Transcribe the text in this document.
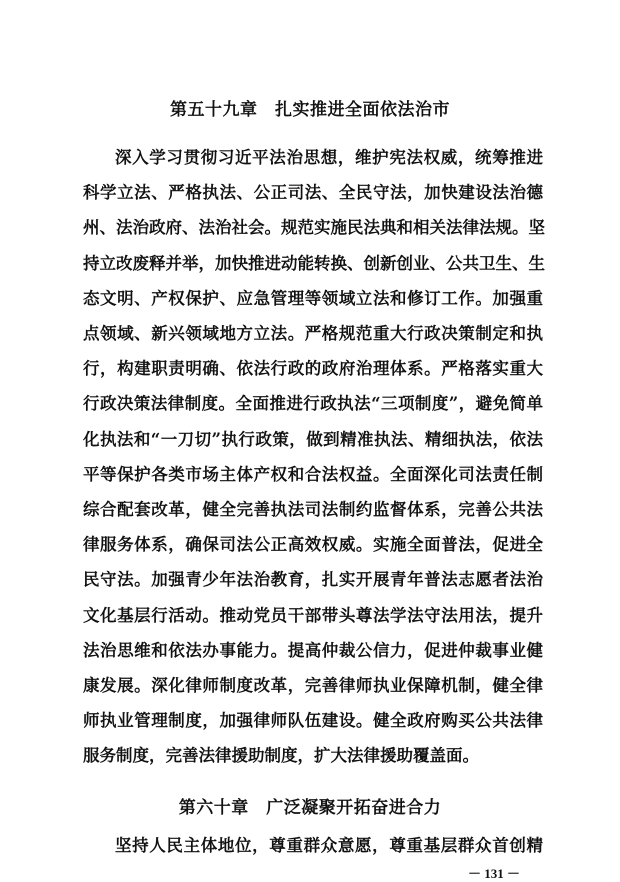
第五十九章　扎实推进全面依法治市
深入学习贯彻习近平法治思想，维护宪法权威，统筹推进
科学立法、严格执法、公正司法、全民守法，加快建设法治德
州、法治政府、法治社会。规范实施民法典和相关法律法规。坚
持立改废释并举，加快推进动能转换、创新创业、公共卫生、生
态文明、产权保护、应急管理等领域立法和修订工作。加强重
点领域、新兴领域地方立法。严格规范重大行政决策制定和执
行，构建职责明确、依法行政的政府治理体系。严格落实重大
行政决策法律制度。全面推进行政执法“三项制度”，避免简单
化执法和“一刀切”执行政策，做到精准执法、精细执法，依法
平等保护各类市场主体产权和合法权益。全面深化司法责任制
综合配套改革，健全完善执法司法制约监督体系，完善公共法
律服务体系，确保司法公正高效权威。实施全面普法，促进全
民守法。加强青少年法治教育，扎实开展青年普法志愿者法治
文化基层行活动。推动党员干部带头尊法学法守法用法，提升
法治思维和依法办事能力。提高仲裁公信力，促进仲裁事业健
康发展。深化律师制度改革，完善律师执业保障机制，健全律
师执业管理制度，加强律师队伍建设。健全政府购买公共法律
服务制度，完善法律援助制度，扩大法律援助覆盖面。
第六十章　广泛凝聚开拓奋进合力
坚持人民主体地位，尊重群众意愿，尊重基层群众首创精
－ 131 －
